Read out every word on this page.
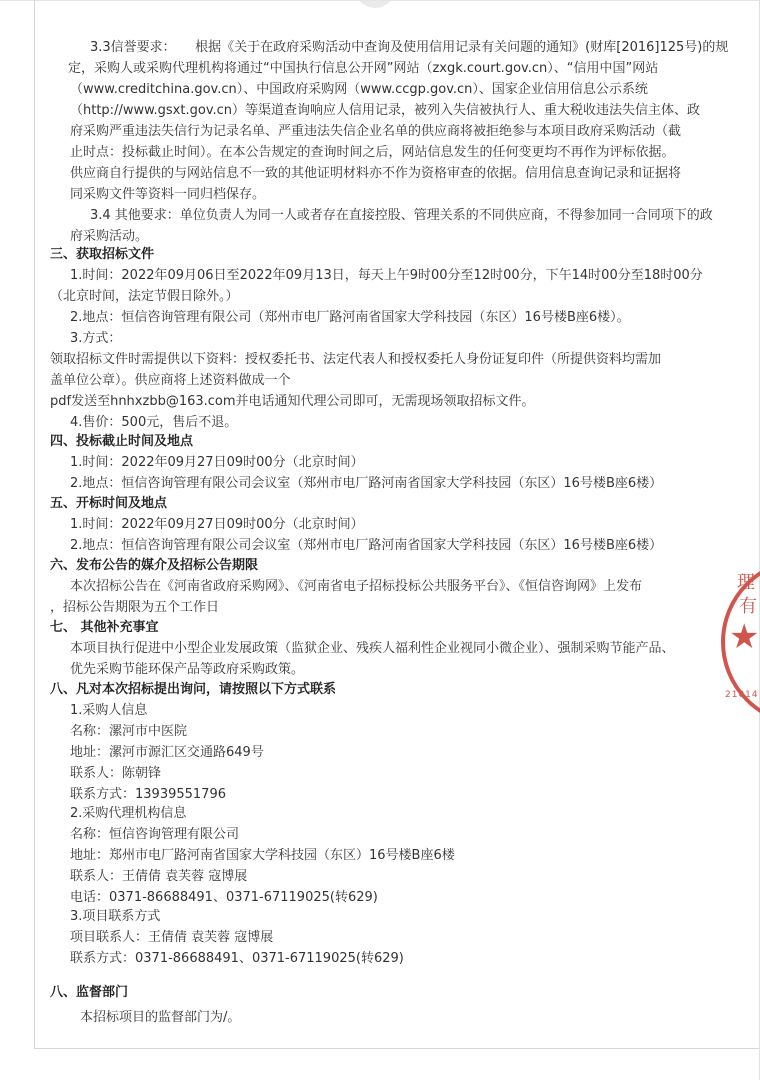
3.3信誉要求：　　根据《关于在政府采购活动中查询及使用信用记录有关问题的通知》(财库[2016]125号)的规
定，采购人或采购代理机构将通过“中国执行信息公开网”网站（zxgk.court.gov.cn）、“信用中国”网站
（www.creditchina.gov.cn）、中国政府采购网（www.ccgp.gov.cn）、国家企业信用信息公示系统
（http://www.gsxt.gov.cn）等渠道查询响应人信用记录，被列入失信被执行人、重大税收违法失信主体、政
府采购严重违法失信行为记录名单、严重违法失信企业名单的供应商将被拒绝参与本项目政府采购活动（截
止时点：投标截止时间）。在本公告规定的查询时间之后，网站信息发生的任何变更均不再作为评标依据。
供应商自行提供的与网站信息不一致的其他证明材料亦不作为资格审查的依据。信用信息查询记录和证据将
同采购文件等资料一同归档保存。
3.4 其他要求：单位负责人为同一人或者存在直接控股、管理关系的不同供应商，不得参加同一合同项下的政
府采购活动。
三、获取招标文件
1.时间：2022年09月06日至2022年09月13日，每天上午9时00分至12时00分，下午14时00分至18时00分
（北京时间，法定节假日除外。）
2.地点：恒信咨询管理有限公司（郑州市电厂路河南省国家大学科技园（东区）16号楼B座6楼）。
3.方式：
领取招标文件时需提供以下资料：授权委托书、法定代表人和授权委托人身份证复印件（所提供资料均需加
盖单位公章）。供应商将上述资料做成一个
pdf发送至hnhxzbb@163.com并电话通知代理公司即可，无需现场领取招标文件。
4.售价：500元，售后不退。
四、投标截止时间及地点
1.时间：2022年09月27日09时00分（北京时间）
2.地点：恒信咨询管理有限公司会议室（郑州市电厂路河南省国家大学科技园（东区）16号楼B座6楼）
五、开标时间及地点
1.时间：2022年09月27日09时00分（北京时间）
2.地点：恒信咨询管理有限公司会议室（郑州市电厂路河南省国家大学科技园（东区）16号楼B座6楼）
六、发布公告的媒介及招标公告期限
本次招标公告在《河南省政府采购网》、《河南省电子招标投标公共服务平台》、《恒信咨询网》上发布
，招标公告期限为五个工作日
七、 其他补充事宜
本项目执行促进中小型企业发展政策（监狱企业、残疾人福利性企业视同小微企业）、强制采购节能产品、
优先采购节能环保产品等政府采购政策。
八、凡对本次招标提出询问，请按照以下方式联系
1.采购人信息
名称：漯河市中医院
地址：漯河市源汇区交通路649号
联系人：陈朝锋
联系方式：13939551796
2.采购代理机构信息
名称：恒信咨询管理有限公司
地址：郑州市电厂路河南省国家大学科技园（东区）16号楼B座6楼
联系人：王倩倩 袁芙蓉 寇博展
电话：0371-86688491、0371-67119025(转629)
3.项目联系方式
项目联系人：王倩倩 袁芙蓉 寇博展
联系方式：0371-86688491、0371-67119025(转629)
八、监督部门
本招标项目的监督部门为/。
理
有
★
21014
